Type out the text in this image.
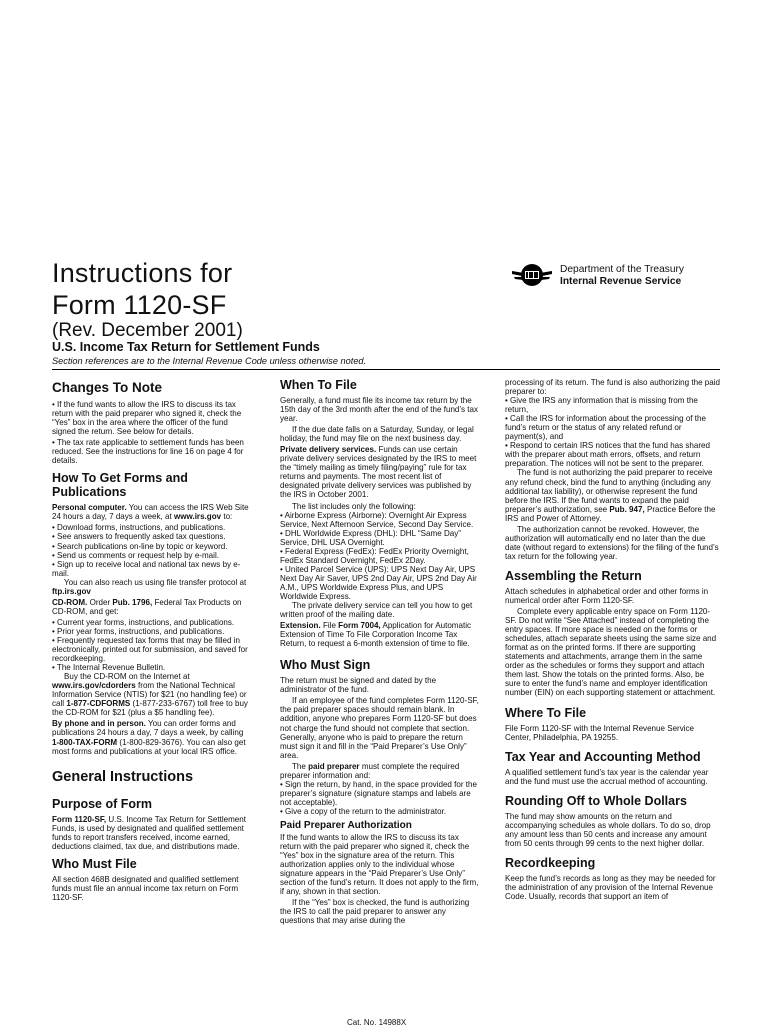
Instructions for
Form 1120-SF
(Rev. December 2001)
U.S. Income Tax Return for Settlement Funds
Section references are to the Internal Revenue Code unless otherwise noted.
Department of the Treasury
Internal Revenue Service
Changes To Note

• If the fund wants to allow the IRS to discuss its tax return with the paid preparer who signed it, check the “Yes” box in the area where the officer of the fund signed the return. See below for details.

• The tax rate applicable to settlement funds has been reduced. See the instructions for line 16 on page 4 for details.

How To Get Forms and Publications

Personal computer. You can access the IRS Web Site 24 hours a day, 7 days a week, at www.irs.gov to:

• Download forms, instructions, and publications.

• See answers to frequently asked tax questions.

• Search publications on-line by topic or keyword.

• Send us comments or request help by e-mail.

• Sign up to receive local and national tax news by e-mail.

You can also reach us using file transfer protocol at ftp.irs.gov

CD-ROM. Order Pub. 1796, Federal Tax Products on CD-ROM, and get:

• Current year forms, instructions, and publications.

• Prior year forms, instructions, and publications.

• Frequently requested tax forms that may be filled in electronically, printed out for submission, and saved for recordkeeping.

• The Internal Revenue Bulletin.

Buy the CD-ROM on the Internet at www.irs.gov/cdorders from the National Technical Information Service (NTIS) for $21 (no handling fee) or call 1-877-CDFORMS (1-877-233-6767) toll free to buy the CD-ROM for $21 (plus a $5 handling fee).

By phone and in person. You can order forms and publications 24 hours a day, 7 days a week, by calling 1-800-TAX-FORM (1-800-829-3676). You can also get most forms and publications at your local IRS office.

General Instructions
Purpose of Form

Form 1120-SF, U.S. Income Tax Return for Settlement Funds, is used by designated and qualified settlement funds to report transfers received, income earned, deductions claimed, tax due, and distributions made.

Who Must File

All section 468B designated and qualified settlement funds must file an annual income tax return on Form 1120-SF.

When To File

Generally, a fund must file its income tax return by the 15th day of the 3rd month after the end of the fund’s tax year.

If the due date falls on a Saturday, Sunday, or legal holiday, the fund may file on the next business day.

Private delivery services. Funds can use certain private delivery services designated by the IRS to meet the “timely mailing as timely filing/paying” rule for tax returns and payments. The most recent list of designated private delivery services was published by the IRS in October 2001.

The list includes only the following:

• Airborne Express (Airborne): Overnight Air Express Service, Next Afternoon Service, Second Day Service.

• DHL Worldwide Express (DHL): DHL “Same Day” Service, DHL USA Overnight.

• Federal Express (FedEx): FedEx Priority Overnight, FedEx Standard Overnight, FedEx 2Day.

• United Parcel Service (UPS): UPS Next Day Air, UPS Next Day Air Saver, UPS 2nd Day Air, UPS 2nd Day Air A.M., UPS Worldwide Express Plus, and UPS Worldwide Express.

The private delivery service can tell you how to get written proof of the mailing date.

Extension. File Form 7004, Application for Automatic Extension of Time To File Corporation Income Tax Return, to request a 6-month extension of time to file.

Who Must Sign

The return must be signed and dated by the administrator of the fund.

If an employee of the fund completes Form 1120-SF, the paid preparer spaces should remain blank. In addition, anyone who prepares Form 1120-SF but does not charge the fund should not complete that section. Generally, anyone who is paid to prepare the return must sign it and fill in the “Paid Preparer’s Use Only” area.

The paid preparer must complete the required preparer information and:

• Sign the return, by hand, in the space provided for the preparer’s signature (signature stamps and labels are not acceptable).

• Give a copy of the return to the administrator.

Paid Preparer Authorization

If the fund wants to allow the IRS to discuss its tax return with the paid preparer who signed it, check the “Yes” box in the signature area of the return. This authorization applies only to the individual whose signature appears in the “Paid Preparer’s Use Only” section of the fund’s return. It does not apply to the firm, if any, shown in that section.

If the “Yes” box is checked, the fund is authorizing the IRS to call the paid preparer to answer any questions that may arise during the

processing of its return. The fund is also authorizing the paid preparer to:

• Give the IRS any information that is missing from the return,

• Call the IRS for information about the processing of the fund’s return or the status of any related refund or payment(s), and

• Respond to certain IRS notices that the fund has shared with the preparer about math errors, offsets, and return preparation. The notices will not be sent to the preparer.

The fund is not authorizing the paid preparer to receive any refund check, bind the fund to anything (including any additional tax liability), or otherwise represent the fund before the IRS. If the fund wants to expand the paid preparer’s authorization, see Pub. 947, Practice Before the IRS and Power of Attorney.

The authorization cannot be revoked. However, the authorization will automatically end no later than the due date (without regard to extensions) for the filing of the fund’s tax return for the following year.

Assembling the Return

Attach schedules in alphabetical order and other forms in numerical order after Form 1120-SF.

Complete every applicable entry space on Form 1120-SF. Do not write “See Attached” instead of completing the entry spaces. If more space is needed on the forms or schedules, attach separate sheets using the same size and format as on the printed forms. If there are supporting statements and attachments, arrange them in the same order as the schedules or forms they support and attach them last. Show the totals on the printed forms. Also, be sure to enter the fund’s name and employer identification number (EIN) on each supporting statement or attachment.

Where To File

File Form 1120-SF with the Internal Revenue Service Center, Philadelphia, PA 19255.

Tax Year and Accounting Method

A qualified settlement fund’s tax year is the calendar year and the fund must use the accrual method of accounting.

Rounding Off to Whole Dollars

The fund may show amounts on the return and accompanying schedules as whole dollars. To do so, drop any amount less than 50 cents and increase any amount from 50 cents through 99 cents to the next higher dollar.

Recordkeeping

Keep the fund’s records as long as they may be needed for the administration of any provision of the Internal Revenue Code. Usually, records that support an item of

Cat. No. 14988X
